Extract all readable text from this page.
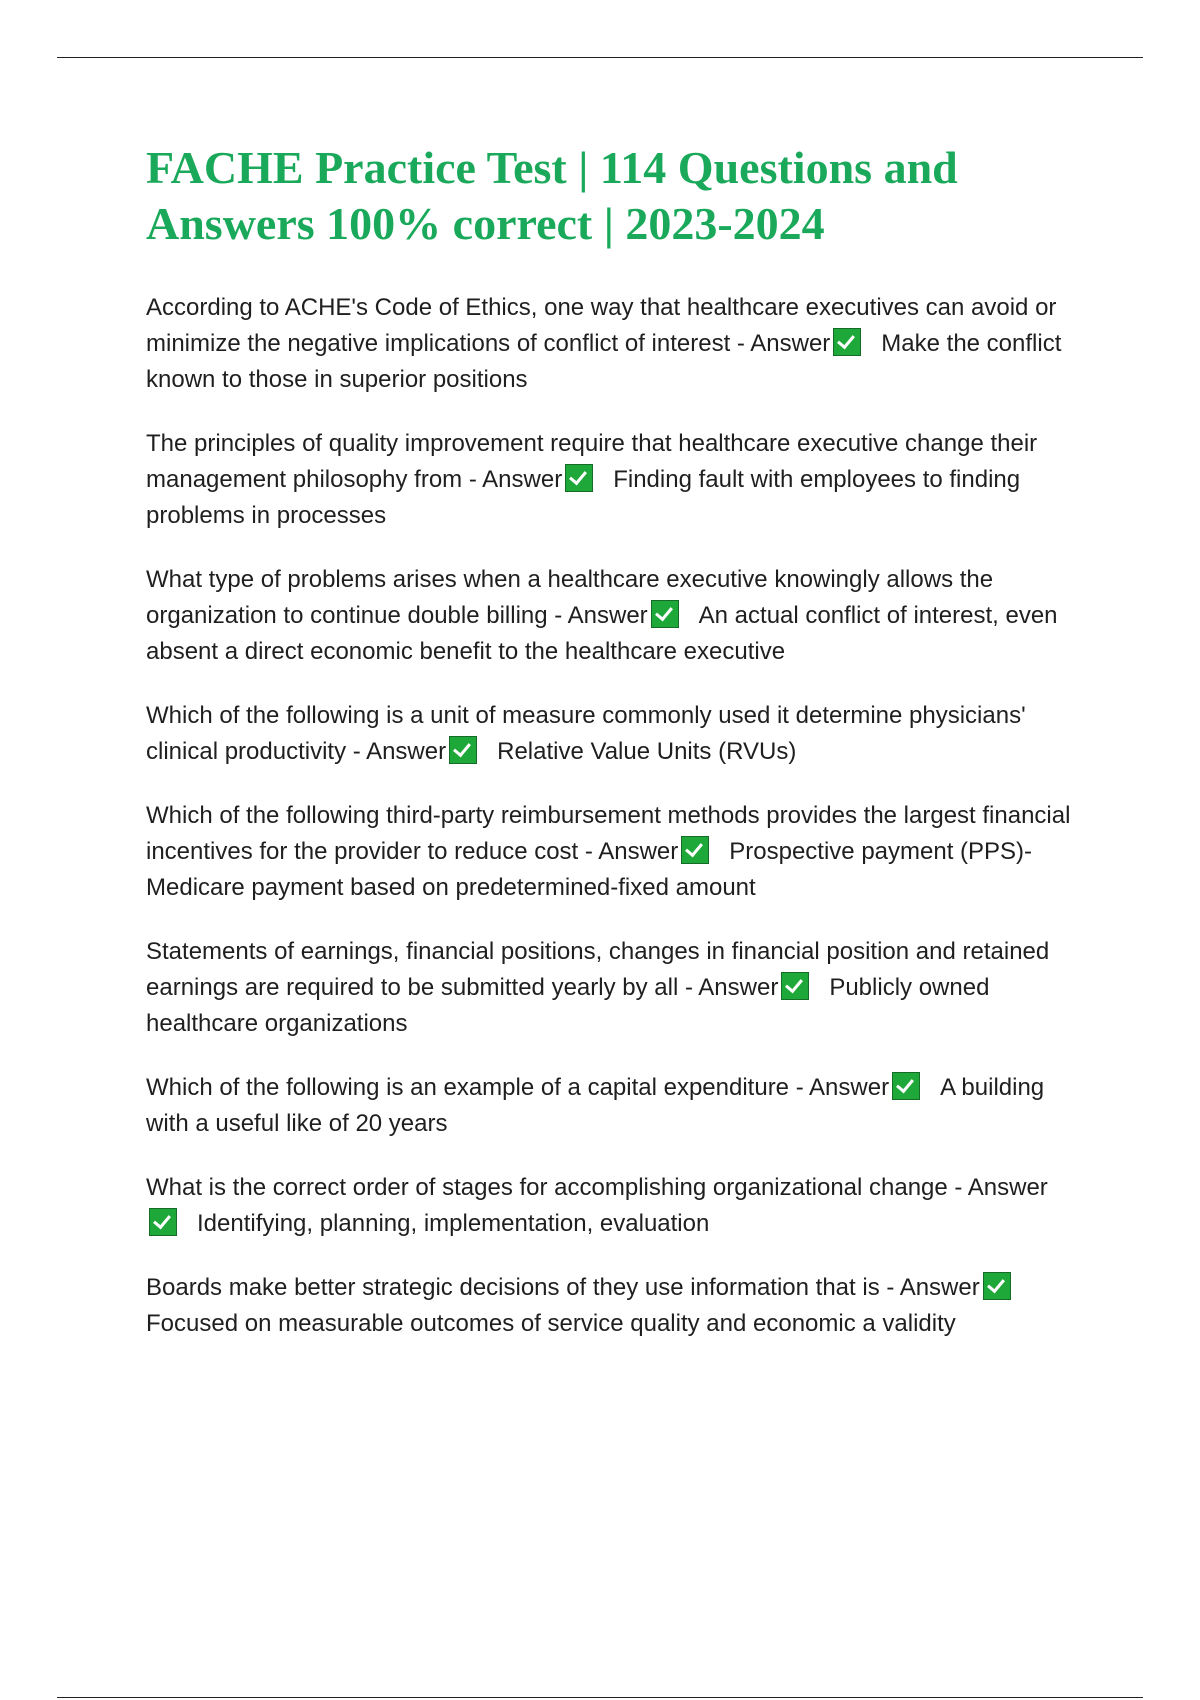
FACHE Practice Test | 114 Questions and Answers 100% correct | 2023-2024

According to ACHE's Code of Ethics, one way that healthcare executives can avoid or minimize the negative implications of conflict of interest - Answer Make the conflict known to those in superior positions

The principles of quality improvement require that healthcare executive change their management philosophy from - Answer Finding fault with employees to finding problems in processes

What type of problems arises when a healthcare executive knowingly allows the organization to continue double billing - Answer An actual conflict of interest, even absent a direct economic benefit to the healthcare executive

Which of the following is a unit of measure commonly used it determine physicians' clinical productivity - Answer Relative Value Units (RVUs)

Which of the following third-party reimbursement methods provides the largest financial incentives for the provider to reduce cost - Answer Prospective payment (PPS)-Medicare payment based on predetermined-fixed amount

Statements of earnings, financial positions, changes in financial position and retained earnings are required to be submitted yearly by all - Answer Publicly owned healthcare organizations

Which of the following is an example of a capital expenditure - Answer A building with a useful like of 20 years

What is the correct order of stages for accomplishing organizational change - AnswerIdentifying, planning, implementation, evaluation

Boards make better strategic decisions of they use information that is - AnswerFocused on measurable outcomes of service quality and economic a validity
